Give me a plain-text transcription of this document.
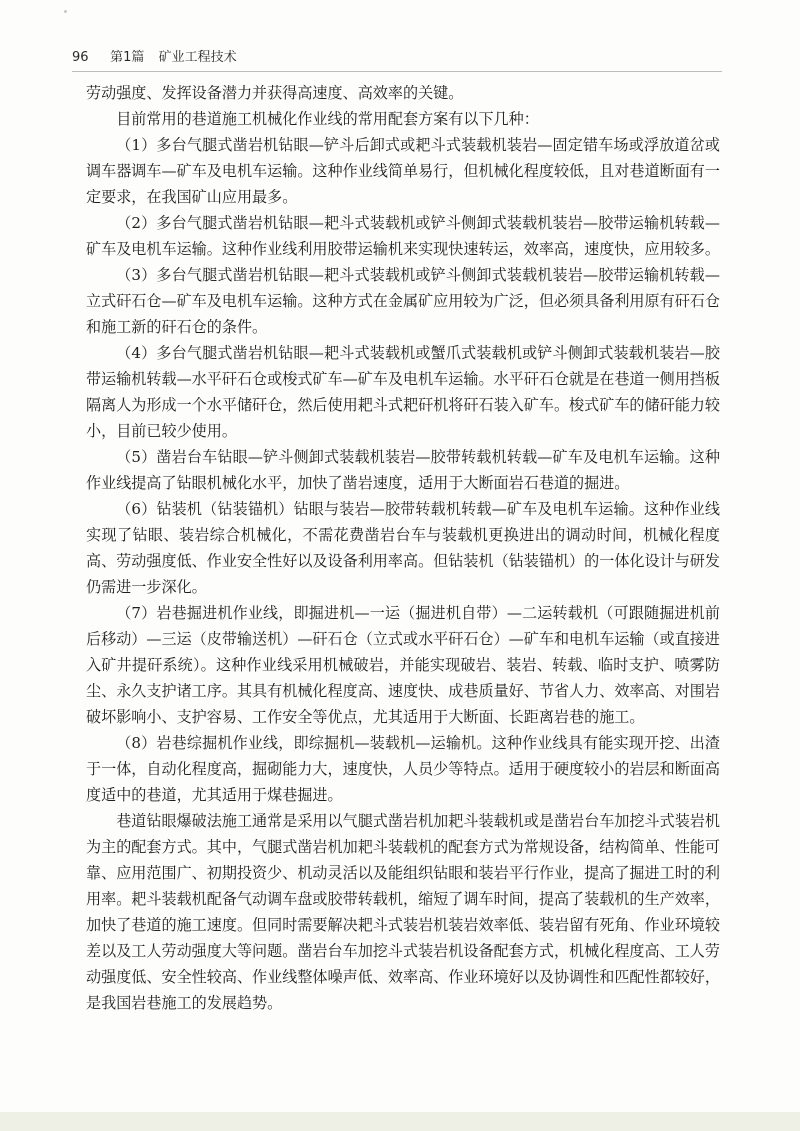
96 第1篇 矿业工程技术

劳动强度、发挥设备潜力并获得高速度、高效率的关键。

目前常用的巷道施工机械化作业线的常用配套方案有以下几种：

（1）多台气腿式凿岩机钻眼—铲斗后卸式或耙斗式装载机装岩—固定错车场或浮放道岔或调车器调车—矿车及电机车运输。这种作业线简单易行，但机械化程度较低，且对巷道断面有一定要求，在我国矿山应用最多。

（2）多台气腿式凿岩机钻眼—耙斗式装载机或铲斗侧卸式装载机装岩—胶带运输机转载—矿车及电机车运输。这种作业线利用胶带运输机来实现快速转运，效率高，速度快，应用较多。

（3）多台气腿式凿岩机钻眼—耙斗式装载机或铲斗侧卸式装载机装岩—胶带运输机转载—立式矸石仓—矿车及电机车运输。这种方式在金属矿应用较为广泛，但必须具备利用原有矸石仓和施工新的矸石仓的条件。

（4）多台气腿式凿岩机钻眼—耙斗式装载机或蟹爪式装载机或铲斗侧卸式装载机装岩—胶带运输机转载—水平矸石仓或梭式矿车—矿车及电机车运输。水平矸石仓就是在巷道一侧用挡板隔离人为形成一个水平储矸仓，然后使用耙斗式耙矸机将矸石装入矿车。梭式矿车的储矸能力较小，目前已较少使用。

（5）凿岩台车钻眼—铲斗侧卸式装载机装岩—胶带转载机转载—矿车及电机车运输。这种作业线提高了钻眼机械化水平，加快了凿岩速度，适用于大断面岩石巷道的掘进。

（6）钻装机（钻装锚机）钻眼与装岩—胶带转载机转载—矿车及电机车运输。这种作业线实现了钻眼、装岩综合机械化，不需花费凿岩台车与装载机更换进出的调动时间，机械化程度高、劳动强度低、作业安全性好以及设备利用率高。但钻装机（钻装锚机）的一体化设计与研发仍需进一步深化。

（7）岩巷掘进机作业线，即掘进机—一运（掘进机自带）—二运转载机（可跟随掘进机前后移动）—三运（皮带输送机）—矸石仓（立式或水平矸石仓）—矿车和电机车运输（或直接进入矿井提矸系统）。这种作业线采用机械破岩，并能实现破岩、装岩、转载、临时支护、喷雾防尘、永久支护诸工序。其具有机械化程度高、速度快、成巷质量好、节省人力、效率高、对围岩破坏影响小、支护容易、工作安全等优点，尤其适用于大断面、长距离岩巷的施工。

（8）岩巷综掘机作业线，即综掘机—装载机—运输机。这种作业线具有能实现开挖、出渣于一体，自动化程度高，掘砌能力大，速度快，人员少等特点。适用于硬度较小的岩层和断面高度适中的巷道，尤其适用于煤巷掘进。

巷道钻眼爆破法施工通常是采用以气腿式凿岩机加耙斗装载机或是凿岩台车加挖斗式装岩机为主的配套方式。其中，气腿式凿岩机加耙斗装载机的配套方式为常规设备，结构简单、性能可靠、应用范围广、初期投资少、机动灵活以及能组织钻眼和装岩平行作业，提高了掘进工时的利用率。耙斗装载机配备气动调车盘或胶带转载机，缩短了调车时间，提高了装载机的生产效率，加快了巷道的施工速度。但同时需要解决耙斗式装岩机装岩效率低、装岩留有死角、作业环境较差以及工人劳动强度大等问题。凿岩台车加挖斗式装岩机设备配套方式，机械化程度高、工人劳动强度低、安全性较高、作业线整体噪声低、效率高、作业环境好以及协调性和匹配性都较好，是我国岩巷施工的发展趋势。
